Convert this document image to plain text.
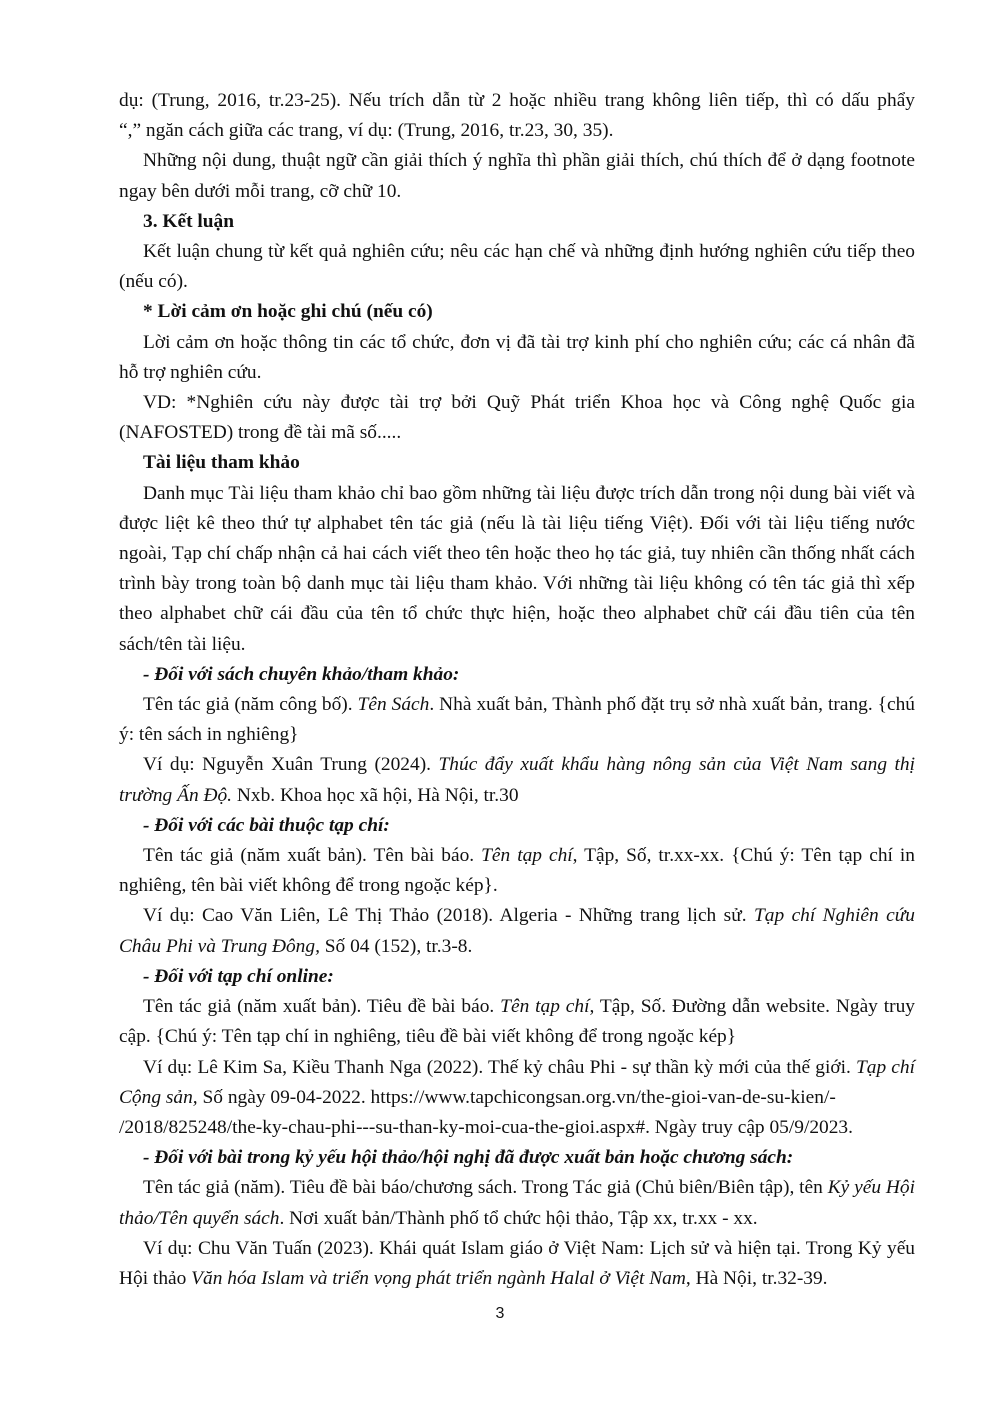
dụ: (Trung, 2016, tr.23-25). Nếu trích dẫn từ 2 hoặc nhiều trang không liên tiếp, thì có dấu phẩy

“,” ngăn cách giữa các trang, ví dụ: (Trung, 2016, tr.23, 30, 35).

Những nội dung, thuật ngữ cần giải thích ý nghĩa thì phần giải thích, chú thích để ở dạng footnote ngay bên dưới mỗi trang, cỡ chữ 10.

3. Kết luận

Kết luận chung từ kết quả nghiên cứu; nêu các hạn chế và những định hướng nghiên cứu tiếp theo (nếu có).

* Lời cảm ơn hoặc ghi chú (nếu có)

Lời cảm ơn hoặc thông tin các tổ chức, đơn vị đã tài trợ kinh phí cho nghiên cứu; các cá nhân đã hỗ trợ nghiên cứu.

VD: *Nghiên cứu này được tài trợ bởi Quỹ Phát triển Khoa học và Công nghệ Quốc gia (NAFOSTED) trong đề tài mã số.....

Tài liệu tham khảo

Danh mục Tài liệu tham khảo chỉ bao gồm những tài liệu được trích dẫn trong nội dung bài viết và được liệt kê theo thứ tự alphabet tên tác giả (nếu là tài liệu tiếng Việt). Đối với tài liệu tiếng nước ngoài, Tạp chí chấp nhận cả hai cách viết theo tên hoặc theo họ tác giả, tuy nhiên cần thống nhất cách trình bày trong toàn bộ danh mục tài liệu tham khảo. Với những tài liệu không có tên tác giả thì xếp theo alphabet chữ cái đầu của tên tổ chức thực hiện, hoặc theo alphabet chữ cái đầu tiên của tên sách/tên tài liệu.

- Đối với sách chuyên khảo/tham khảo:

Tên tác giả (năm công bố). Tên Sách. Nhà xuất bản, Thành phố đặt trụ sở nhà xuất bản, trang. {chú ý: tên sách in nghiêng}

Ví dụ: Nguyễn Xuân Trung (2024). Thúc đẩy xuất khẩu hàng nông sản của Việt Nam sang thị trường Ấn Độ. Nxb. Khoa học xã hội, Hà Nội, tr.30

- Đối với các bài thuộc tạp chí:

Tên tác giả (năm xuất bản). Tên bài báo. Tên tạp chí, Tập, Số, tr.xx-xx. {Chú ý: Tên tạp chí in nghiêng, tên bài viết không để trong ngoặc kép}.

Ví dụ: Cao Văn Liên, Lê Thị Thảo (2018). Algeria - Những trang lịch sử. Tạp chí Nghiên cứu Châu Phi và Trung Đông, Số 04 (152), tr.3-8.

- Đối với tạp chí online:

Tên tác giả (năm xuất bản). Tiêu đề bài báo. Tên tạp chí, Tập, Số. Đường dẫn website. Ngày truy cập. {Chú ý: Tên tạp chí in nghiêng, tiêu đề bài viết không để trong ngoặc kép}

Ví dụ: Lê Kim Sa, Kiều Thanh Nga (2022). Thế kỷ châu Phi - sự thần kỳ mới của thế giới. Tạp chí Cộng sản, Số ngày 09-04-2022. https://www.tapchicongsan.org.vn/the-gioi-van-de-su-kien/-
/2018/825248/the-ky-chau-phi---su-than-ky-moi-cua-the-gioi.aspx#. Ngày truy cập 05/9/2023.

- Đối với bài trong kỷ yếu hội thảo/hội nghị đã được xuất bản hoặc chương sách:

Tên tác giả (năm). Tiêu đề bài báo/chương sách. Trong Tác giả (Chủ biên/Biên tập), tên Kỷ yếu Hội thảo/Tên quyển sách. Nơi xuất bản/Thành phố tổ chức hội thảo, Tập xx, tr.xx - xx.

Ví dụ: Chu Văn Tuấn (2023). Khái quát Islam giáo ở Việt Nam: Lịch sử và hiện tại. Trong Kỷ yếu Hội thảo Văn hóa Islam và triển vọng phát triển ngành Halal ở Việt Nam, Hà Nội, tr.32-39.

3
